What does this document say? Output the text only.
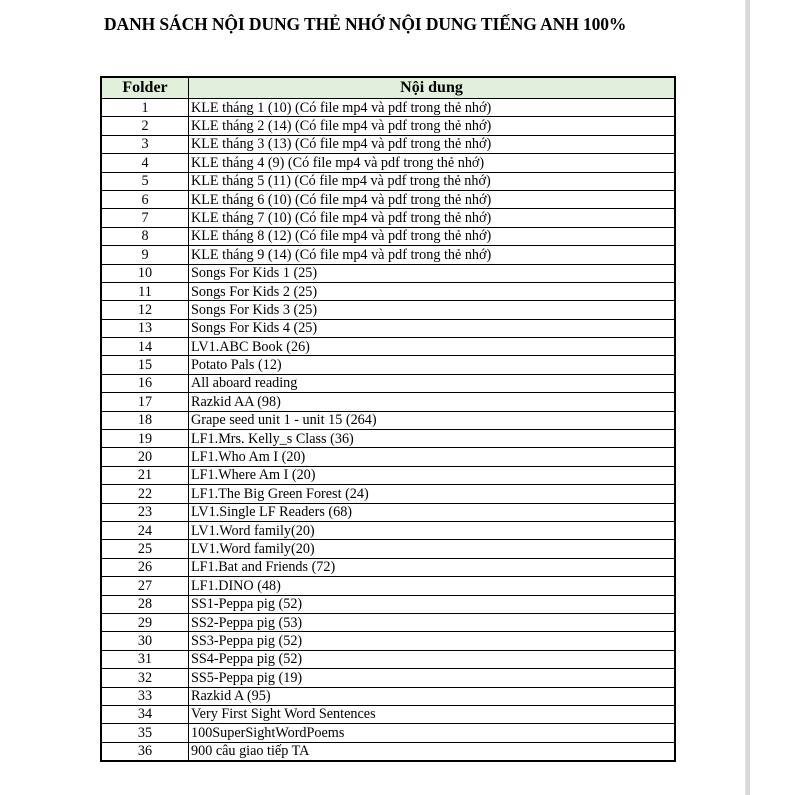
DANH SÁCH NỘI DUNG THẺ NHỚ NỘI DUNG TIẾNG ANH 100%
Folder	Nội dung
1	KLE tháng 1 (10) (Có file mp4 và pdf trong thẻ nhớ)
2	KLE tháng 2 (14) (Có file mp4 và pdf trong thẻ nhớ)
3	KLE tháng 3 (13) (Có file mp4 và pdf trong thẻ nhớ)
4	KLE tháng 4 (9) (Có file mp4 và pdf trong thẻ nhớ)
5	KLE tháng 5 (11) (Có file mp4 và pdf trong thẻ nhớ)
6	KLE tháng 6 (10) (Có file mp4 và pdf trong thẻ nhớ)
7	KLE tháng 7 (10) (Có file mp4 và pdf trong thẻ nhớ)
8	KLE tháng 8 (12) (Có file mp4 và pdf trong thẻ nhớ)
9	KLE tháng 9 (14) (Có file mp4 và pdf trong thẻ nhớ)
10	Songs For Kids 1 (25)
11	Songs For Kids 2 (25)
12	Songs For Kids 3 (25)
13	Songs For Kids 4 (25)
14	LV1.ABC Book (26)
15	Potato Pals (12)
16	All aboard reading
17	Razkid AA (98)
18	Grape seed unit 1 - unit 15 (264)
19	LF1.Mrs. Kelly_s Class (36)
20	LF1.Who Am I (20)
21	LF1.Where Am I (20)
22	LF1.The Big Green Forest (24)
23	LV1.Single LF Readers (68)
24	LV1.Word family(20)
25	LV1.Word family(20)
26	LF1.Bat and Friends (72)
27	LF1.DINO (48)
28	SS1-Peppa pig (52)
29	SS2-Peppa pig (53)
30	SS3-Peppa pig (52)
31	SS4-Peppa pig (52)
32	SS5-Peppa pig (19)
33	Razkid A (95)
34	Very First Sight Word Sentences
35	100SuperSightWordPoems
36	900 câu giao tiếp TA
